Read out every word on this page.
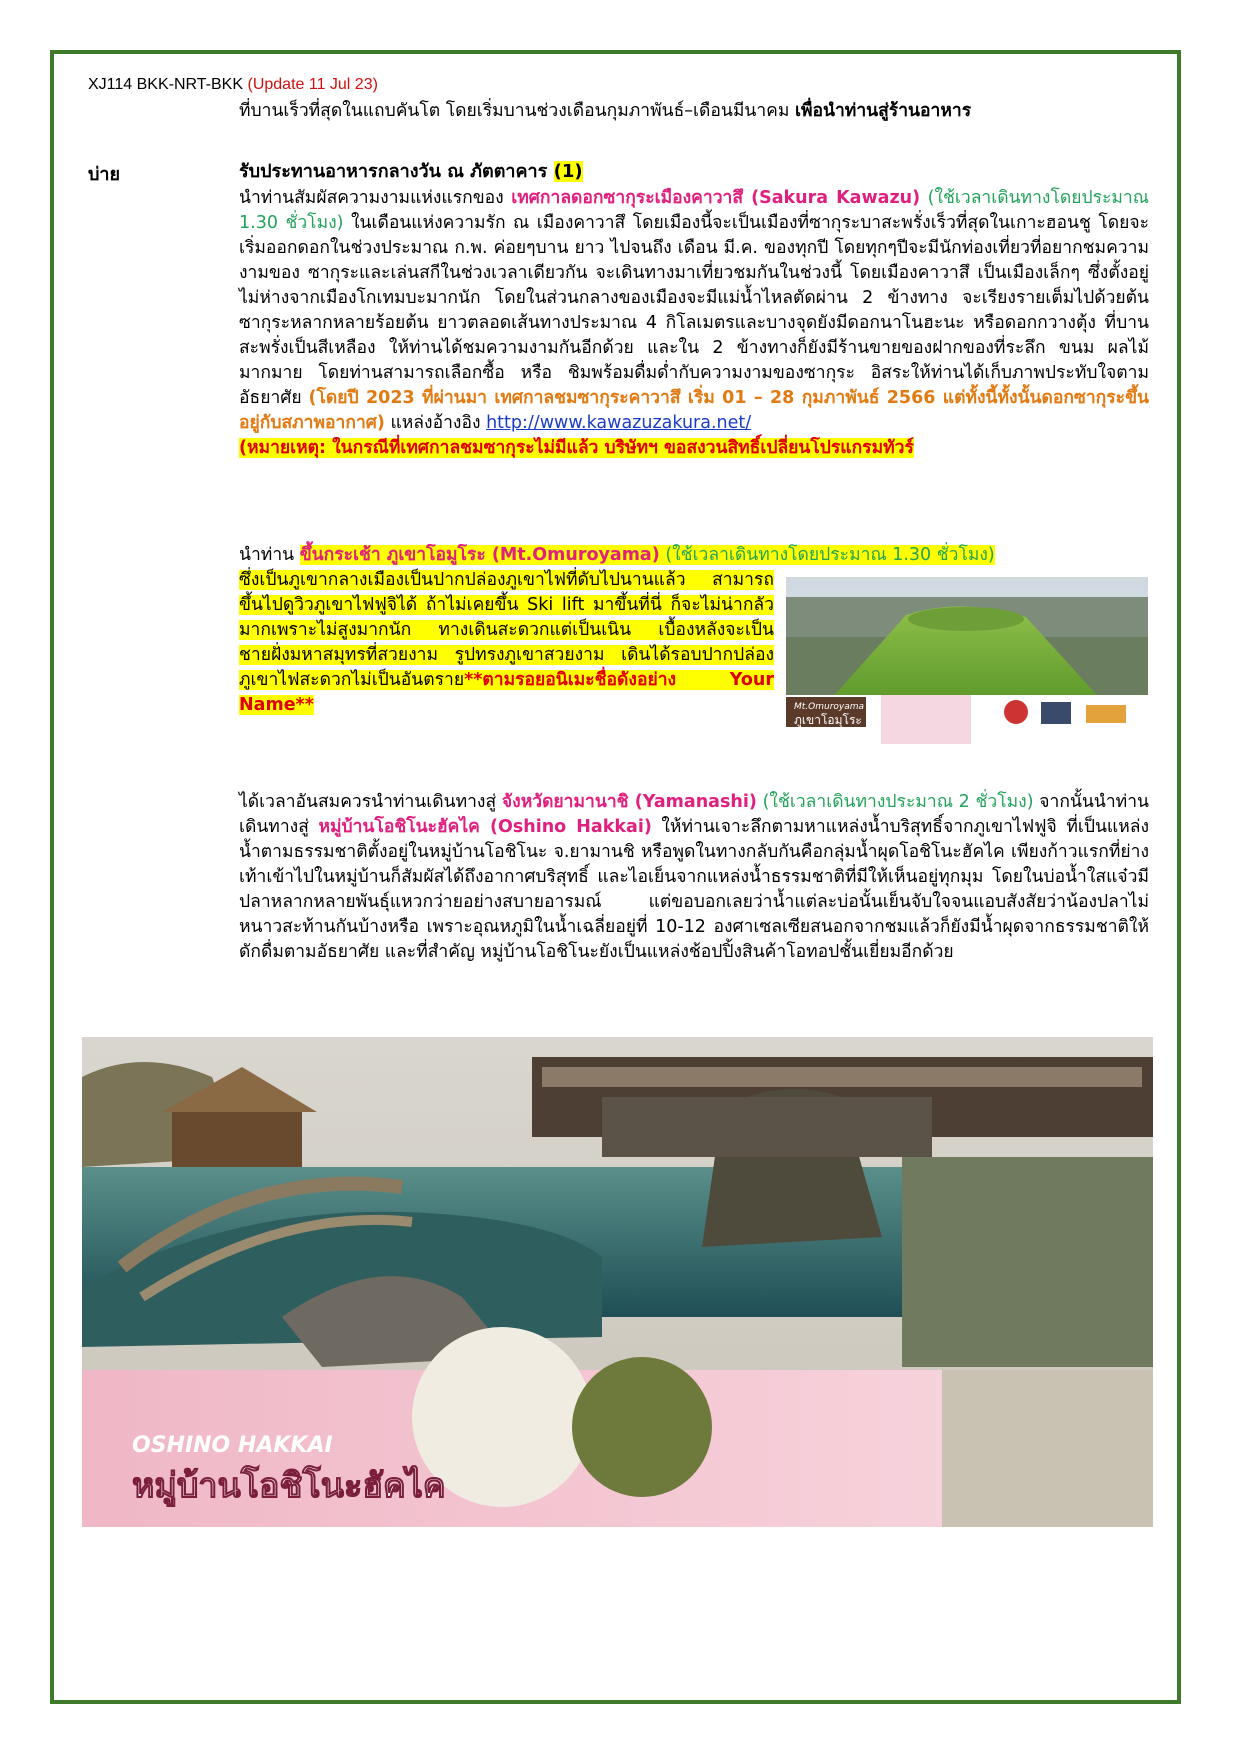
XJ114 BKK-NRT-BKK (Update 11 Jul 23)
ที่บานเร็วที่สุดในแถบคันโต โดยเริ่มบานช่วงเดือนกุมภาพันธ์–เดือนมีนาคม เพื่อนำท่านสู่ร้านอาหาร
บ่าย	รับประทานอาหารกลางวัน ณ ภัตตาคาร (1)
นำท่านสัมผัสความงามแห่งแรกของ เทศกาลดอกซากุระเมืองคาวาสึ (Sakura Kawazu) (ใช้เวลาเดินทางโดยประมาณ 1.30 ชั่วโมง) ในเดือนแห่งความรัก ณ เมืองคาวาสึ โดยเมืองนี้จะเป็นเมืองที่ซากุระบาสะพรั่งเร็วที่สุดในเกาะฮอนชู โดยจะเริ่มออกดอกในช่วงประมาณ ก.พ. ค่อยๆบาน ยาว ไปจนถึง เดือน มี.ค. ของทุกปี โดยทุกๆปีจะมีนักท่องเที่ยวที่อยากชมความงามของ ซากุระและเล่นสกีในช่วงเวลาเดียวกัน จะเดินทางมาเที่ยวชมกันในช่วงนี้ โดยเมืองคาวาสึ เป็นเมืองเล็กๆ ซึ่งตั้งอยู่ไม่ห่างจากเมืองโกเทมบะมากนัก โดยในส่วนกลางของเมืองจะมีแม่น้ำไหลตัดผ่าน 2 ข้างทาง จะเรียงรายเต็มไปด้วยต้นซากุระหลากหลายร้อยต้น ยาวตลอดเส้นทางประมาณ 4 กิโลเมตรและบางจุดยังมีดอกนาโนฮะนะ หรือดอกกวางตุ้ง ที่บานสะพรั่งเป็นสีเหลือง ให้ท่านได้ชมความงามกันอีกด้วย และใน 2 ข้างทางก็ยังมีร้านขายของฝากของที่ระลึก ขนม ผลไม้มากมาย โดยท่านสามารถเลือกซื้อ หรือ ชิมพร้อมดื่มด่ำกับความงามของซากุระ อิสระให้ท่านได้เก็บภาพประทับใจตามอัธยาศัย (โดยปี 2023 ที่ผ่านมา เทศกาลชมซากุระคาวาสึ เริ่ม 01 – 28 กุมภาพันธ์ 2566 แต่ทั้งนี้ทั้งนั้นดอกซากุระขึ้นอยู่กับสภาพอากาศ) แหล่งอ้างอิง http://www.kawazuzakura.net/
(หมายเหตุ: ในกรณีที่เทศกาลชมซากุระไม่มีแล้ว บริษัทฯ ขอสงวนสิทธิ์เปลี่ยนโปรแกรมทัวร์
นำท่าน ขึ้นกระเช้า ภูเขาโอมูโระ (Mt.Omuroyama) (ใช้เวลาเดินทางโดยประมาณ 1.30 ชั่วโมง)
ซึ่งเป็นภูเขากลางเมืองเป็นปากปล่องภูเขาไฟที่ดับไปนานแล้ว สามารถขึ้นไปดูวิวภูเขาไฟฟูจิได้ ถ้าไม่เคยขึ้น Ski lift มาขึ้นที่นี่ ก็จะไม่น่ากลัวมากเพราะไม่สูงมากนัก ทางเดินสะดวกแต่เป็นเนิน เบื้องหลังจะเป็นชายฝั่งมหาสมุทรที่สวยงาม รูปทรงภูเขาสวยงาม เดินได้รอบปากปล่องภูเขาไฟสะดวกไม่เป็นอันตราย**ตามรอยอนิเมะชื่อดังอย่าง Your Name**	Mt.Omuroyama
ภูเขาโอมุโระ
ได้เวลาอันสมควรนำท่านเดินทางสู่ จังหวัดยามานาชิ (Yamanashi) (ใช้เวลาเดินทางประมาณ 2 ชั่วโมง) จากนั้นนำท่านเดินทางสู่ หมู่บ้านโอชิโนะฮัคไค (Oshino Hakkai) ให้ท่านเจาะลึกตามหาแหล่งน้ำบริสุทธิ์จากภูเขาไฟฟูจิ ที่เป็นแหล่งน้ำตามธรรมชาติตั้งอยู่ในหมู่บ้านโอชิโนะ จ.ยามานชิ หรือพูดในทางกลับกันคือกลุ่มน้ำผุดโอชิโนะฮัคไค เพียงก้าวแรกที่ย่างเท้าเข้าไปในหมู่บ้านก็สัมผัสได้ถึงอากาศบริสุทธิ์ และไอเย็นจากแหล่งน้ำธรรมชาติที่มีให้เห็นอยู่ทุกมุม โดยในบ่อน้ำใสแจ๋วมีปลาหลากหลายพันธุ์แหวกว่ายอย่างสบายอารมณ์ แต่ขอบอกเลยว่าน้ำแต่ละบ่อนั้นเย็นจับใจจนแอบสังสัยว่าน้องปลาไม่หนาวสะท้านกันบ้างหรือ เพราะอุณหภูมิในน้ำเฉลี่ยอยู่ที่ 10-12 องศาเซลเซียสนอกจากชมแล้วก็ยังมีน้ำผุดจากธรรมชาติให้ดักดื่มตามอัธยาศัย และที่สำคัญ หมู่บ้านโอชิโนะยังเป็นแหล่งช้อปปิ้งสินค้าโอทอปชั้นเยี่ยมอีกด้วย
OSHINO HAKKAI
หมู่บ้านโอชิโนะฮัคไค
